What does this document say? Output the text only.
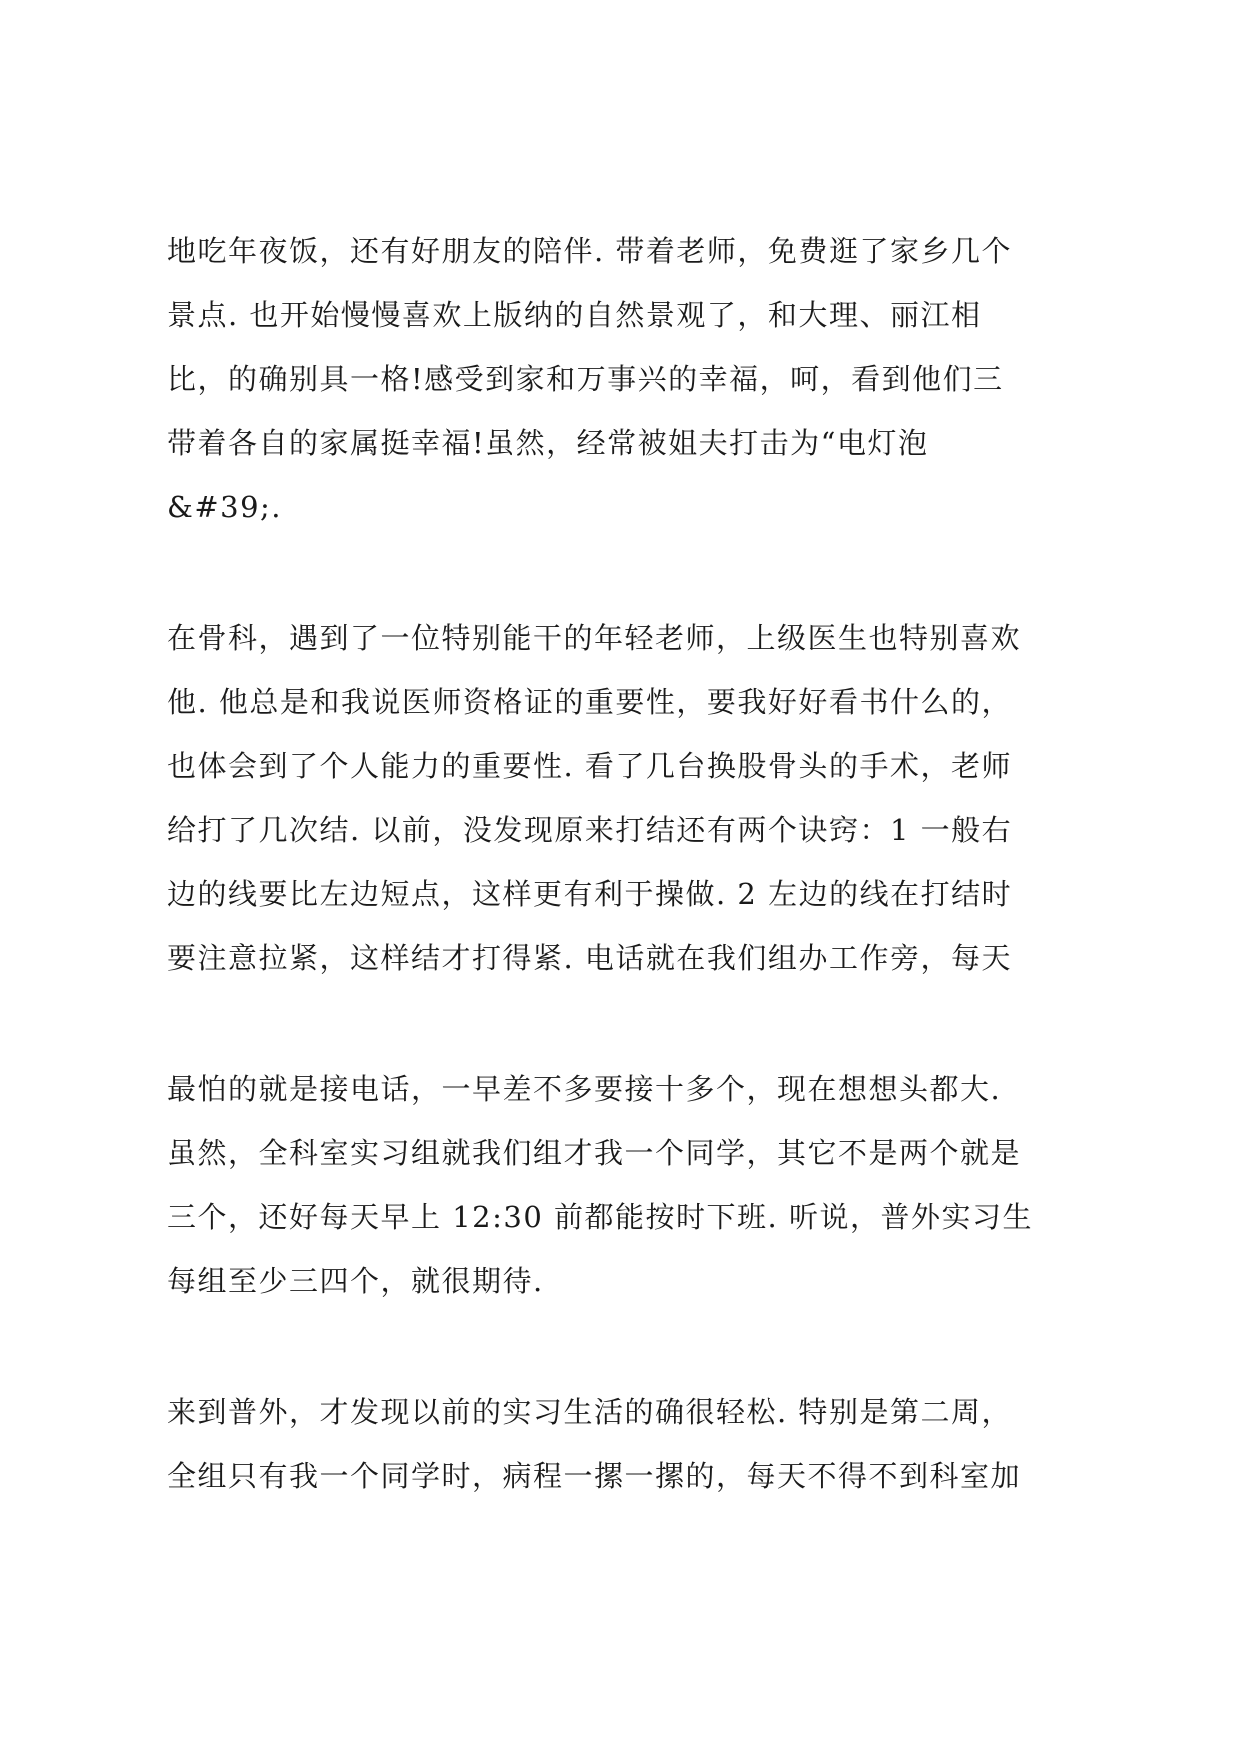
地吃年夜饭，还有好朋友的陪伴. 带着老师，免费逛了家乡几个
景点. 也开始慢慢喜欢上版纳的自然景观了，和大理、丽江相
比，的确别具一格!感受到家和万事兴的幸福，呵，看到他们三
带着各自的家属挺幸福!虽然，经常被姐夫打击为“电灯泡
&#39;.
在骨科，遇到了一位特别能干的年轻老师，上级医生也特别喜欢
他. 他总是和我说医师资格证的重要性，要我好好看书什么的，
也体会到了个人能力的重要性. 看了几台换股骨头的手术，老师
给打了几次结. 以前，没发现原来打结还有两个诀窍：1 一般右
边的线要比左边短点，这样更有利于操做. 2 左边的线在打结时
要注意拉紧，这样结才打得紧. 电话就在我们组办工作旁，每天
最怕的就是接电话，一早差不多要接十多个，现在想想头都大.
虽然，全科室实习组就我们组才我一个同学，其它不是两个就是
三个，还好每天早上 12:30 前都能按时下班. 听说，普外实习生
每组至少三四个，就很期待.
来到普外，才发现以前的实习生活的确很轻松. 特别是第二周，
全组只有我一个同学时，病程一摞一摞的，每天不得不到科室加
